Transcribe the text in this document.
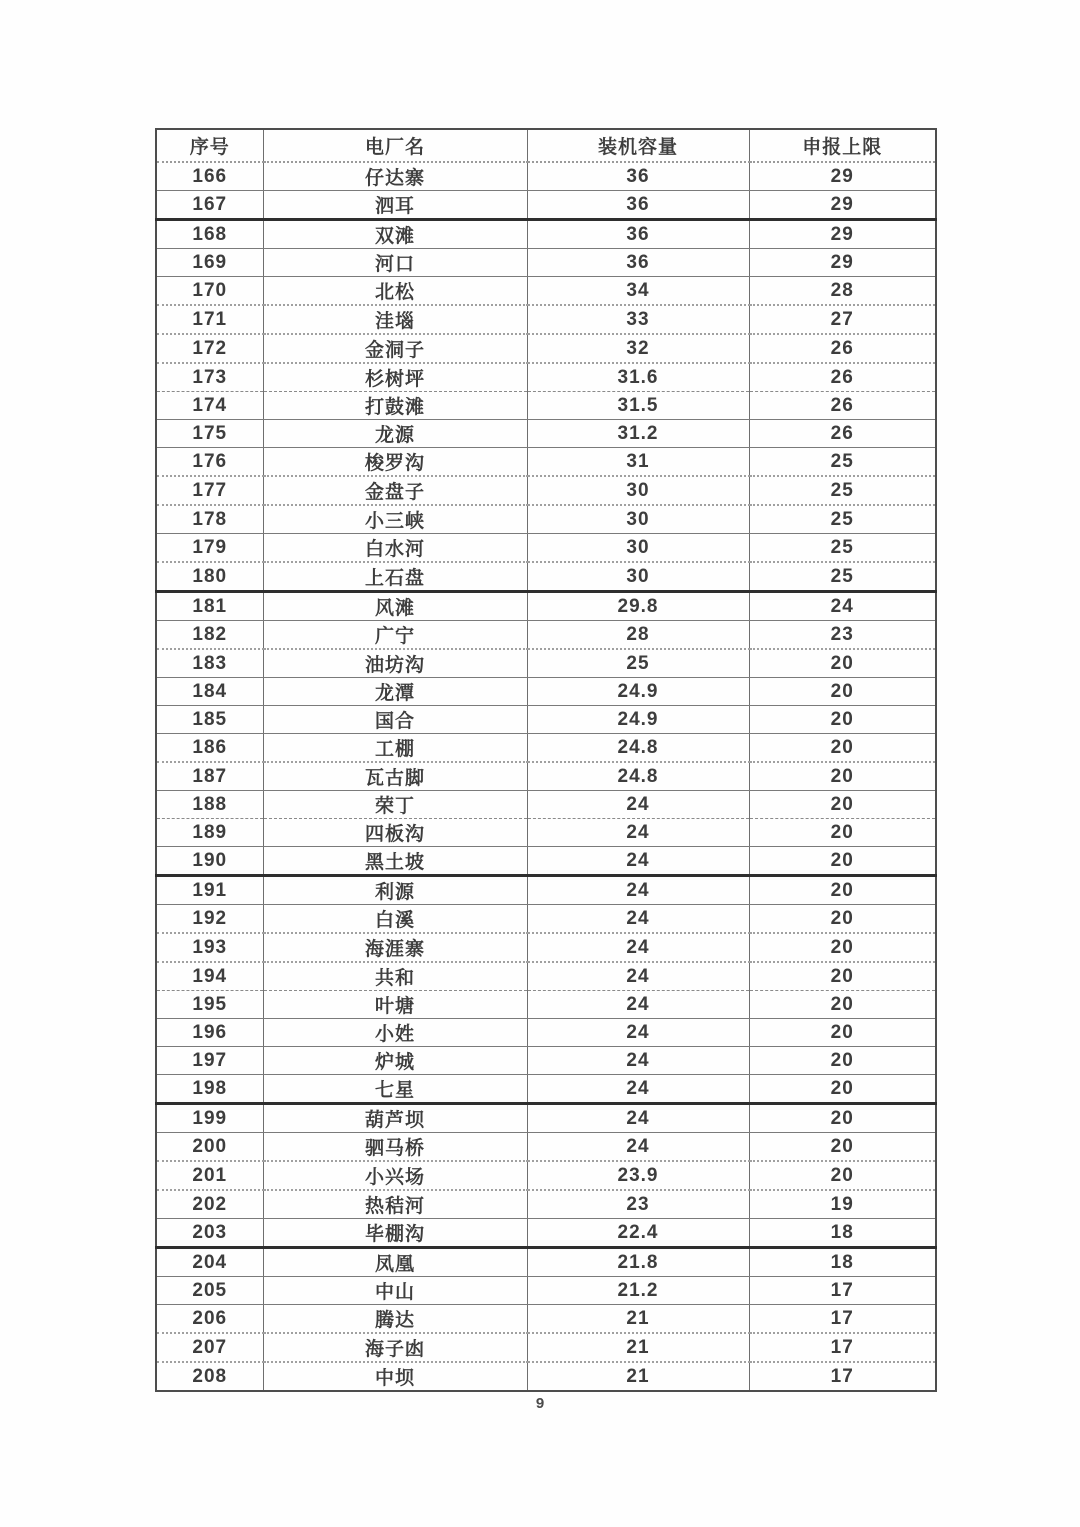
序号	电厂名	装机容量	申报上限
166	仔达寨	36	29
167	泗耳	36	29
168	双滩	36	29
169	河口	36	29
170	北松	34	28
171	洼堖	33	27
172	金洞子	32	26
173	杉树坪	31.6	26
174	打鼓滩	31.5	26
175	龙源	31.2	26
176	梭罗沟	31	25
177	金盘子	30	25
178	小三峡	30	25
179	白水河	30	25
180	上石盘	30	25
181	风滩	29.8	24
182	广宁	28	23
183	油坊沟	25	20
184	龙潭	24.9	20
185	国合	24.9	20
186	工棚	24.8	20
187	瓦古脚	24.8	20
188	荣丁	24	20
189	四板沟	24	20
190	黑土坡	24	20
191	利源	24	20
192	白溪	24	20
193	海涯寨	24	20
194	共和	24	20
195	叶塘	24	20
196	小姓	24	20
197	炉城	24	20
198	七星	24	20
199	葫芦坝	24	20
200	驷马桥	24	20
201	小兴场	23.9	20
202	热秸河	23	19
203	毕棚沟	22.4	18
204	凤凰	21.8	18
205	中山	21.2	17
206	腾达	21	17
207	海子凼	21	17
208	中坝	21	17
9
